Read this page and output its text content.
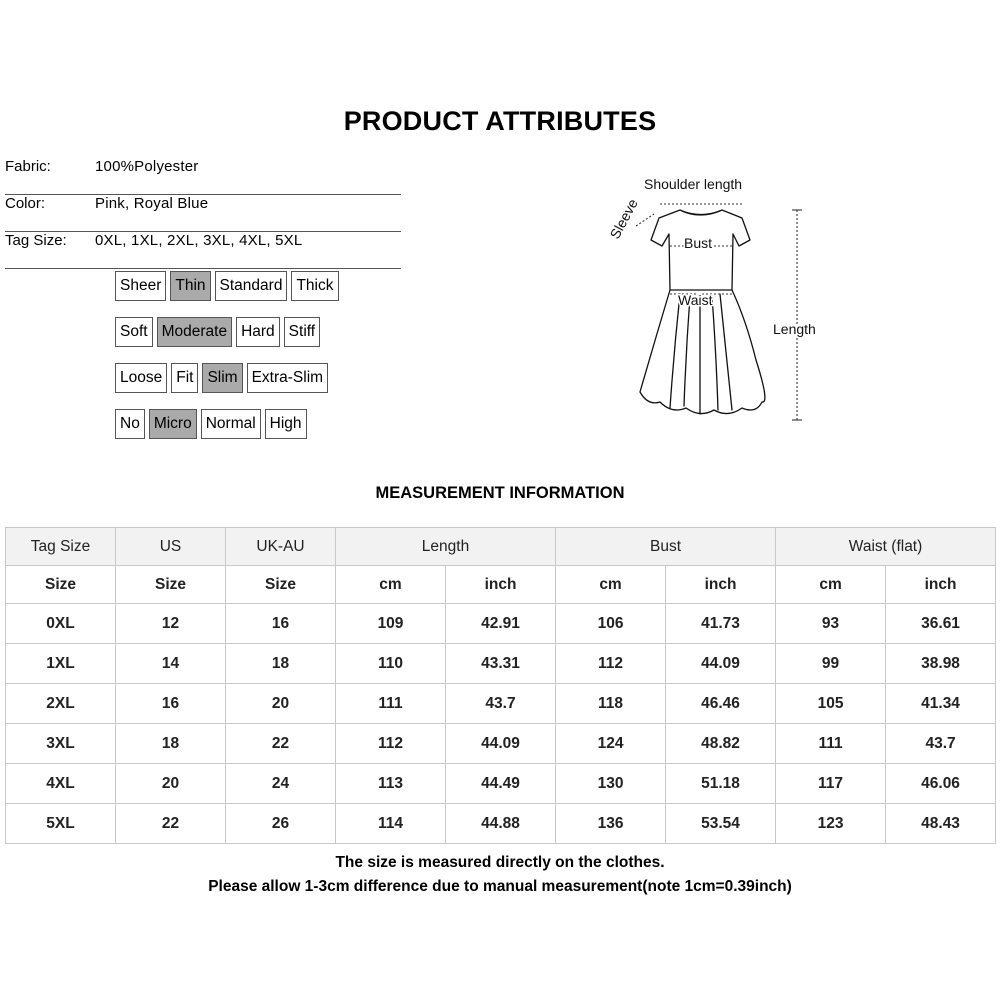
PRODUCT ATTRIBUTES
Fabric:	100%Polyester
Color:	Pink, Royal Blue
Tag Size: 0XL, 1XL, 2XL, 3XL, 4XL, 5XL
Sheer Thin Standard Thick
Soft Moderate Hard Stiff
Loose Fit Slim Extra-Slim
No Micro Normal High
Shoulder length
Sleeve
Bust
Waist
Length
MEASUREMENT INFORMATION
Tag Size	US	UK-AU	Length		Bust		Waist (flat)	
Size	Size	Size	cm	inch	cm	inch	cm	inch
0XL	12	16	109	42.91	106	41.73	93	36.61
1XL	14	18	110	43.31	112	44.09	99	38.98
2XL	16	20	111	43.7	118	46.46	105	41.34
3XL	18	22	112	44.09	124	48.82	111	43.7
4XL	20	24	113	44.49	130	51.18	117	46.06
5XL	22	26	114	44.88	136	53.54	123	48.43
The size is measured directly on the clothes.
Please allow 1-3cm difference due to manual measurement(note 1cm=0.39inch)
